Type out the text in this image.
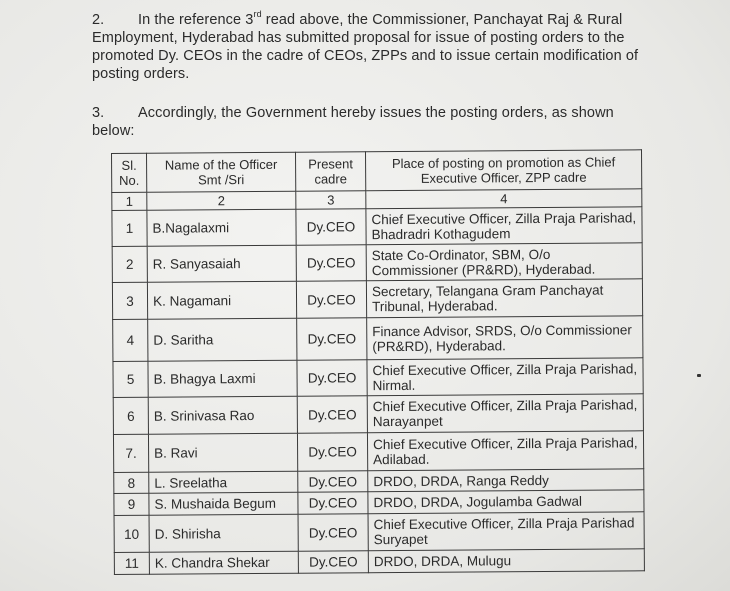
2. In the reference 3rd read above, the Commissioner, Panchayat Raj & Rural Employment, Hyderabad has submitted proposal for issue of posting orders to the promoted Dy. CEOs in the cadre of CEOs, ZPPs and to issue certain modification of posting orders.
3. Accordingly, the Government hereby issues the posting orders, as shown below:
Sl. No.	Name of the Officer Smt /Sri	Present cadre	Place of posting on promotion as Chief Executive Officer, ZPP cadre
1	2	3	4
1	B.Nagalaxmi	Dy.CEO	Chief Executive Officer, Zilla Praja Parishad, Bhadradri Kothagudem
2	R. Sanyasaiah	Dy.CEO	State Co-Ordinator, SBM, O/o Commissioner (PR&RD), Hyderabad.
3	K. Nagamani	Dy.CEO	Secretary, Telangana Gram Panchayat Tribunal, Hyderabad.
4	D. Saritha	Dy.CEO	Finance Advisor, SRDS, O/o Commissioner (PR&RD), Hyderabad.
5	B. Bhagya Laxmi	Dy.CEO	Chief Executive Officer, Zilla Praja Parishad, Nirmal.
6	B. Srinivasa Rao	Dy.CEO	Chief Executive Officer, Zilla Praja Parishad, Narayanpet
7.	B. Ravi	Dy.CEO	Chief Executive Officer, Zilla Praja Parishad, Adilabad.
8	L. Sreelatha	Dy.CEO	DRDO, DRDA, Ranga Reddy
9	S. Mushaida Begum	Dy.CEO	DRDO, DRDA, Jogulamba Gadwal
10	D. Shirisha	Dy.CEO	Chief Executive Officer, Zilla Praja Parishad Suryapet
11	K. Chandra Shekar	Dy.CEO	DRDO, DRDA, Mulugu
